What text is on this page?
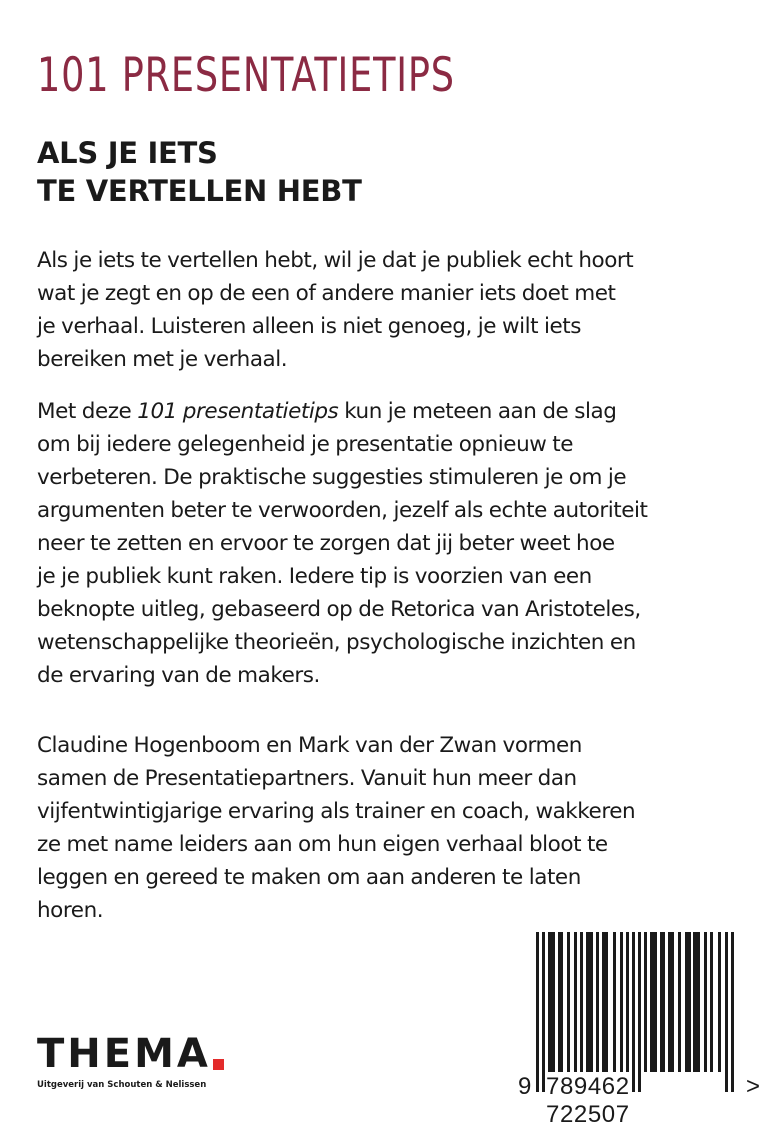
101 PRESENTATIETIPS
ALS JE IETS
TE VERTELLEN HEBT
Als je iets te vertellen hebt, wil je dat je publiek echt hoort
wat je zegt en op de een of andere manier iets doet met
je verhaal. Luisteren alleen is niet genoeg, je wilt iets
bereiken met je verhaal.
Met deze 101 presentatietips kun je meteen aan de slag
om bij iedere gelegenheid je presentatie opnieuw te
verbeteren. De praktische suggesties stimuleren je om je
argumenten beter te verwoorden, jezelf als echte autoriteit
neer te zetten en ervoor te zorgen dat jij beter weet hoe
je je publiek kunt raken. Iedere tip is voorzien van een
beknopte uitleg, gebaseerd op de Retorica van Aristoteles,
wetenschappelijke theorieën, psychologische inzichten en
de ervaring van de makers.
Claudine Hogenboom en Mark van der Zwan vormen
samen de Presentatiepartners. Vanuit hun meer dan
vijfentwintigjarige ervaring als trainer en coach, wakkeren
ze met name leiders aan om hun eigen verhaal bloot te
leggen en gereed te maken om aan anderen te laten
horen.
THEMA
Uitgeverij van Schouten & Nelissen	9 789462 722507
>
